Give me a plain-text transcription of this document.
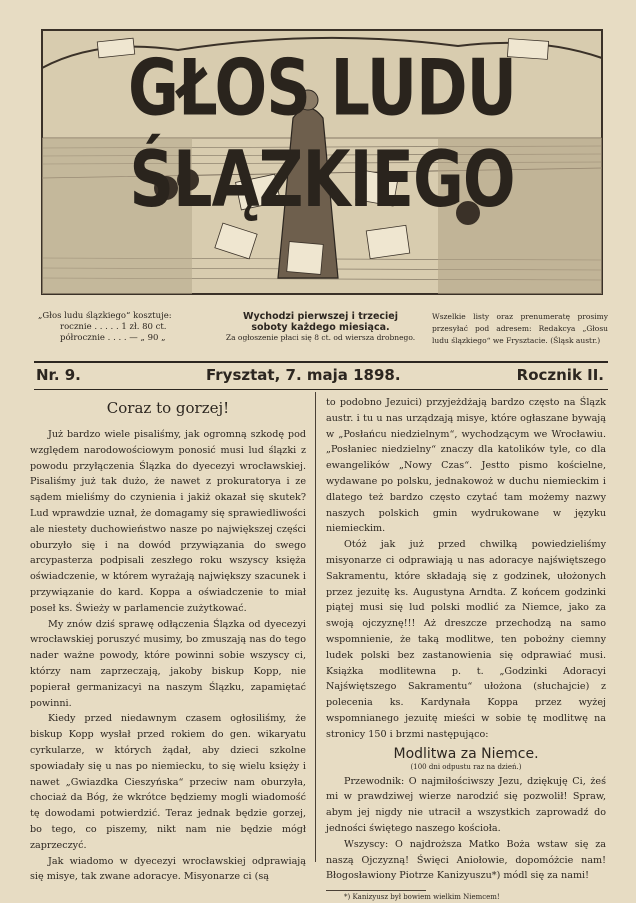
GŁOS LUDU ŚLĄZKIEGO
„Głos ludu ślązkiego“ kosztuje:
rocznie . . . . . 1 zł. 80 ct.
półrocznie . . . . — „ 90 „
Wychodzi pierwszej i trzeciej
soboty każdego miesiąca.
Za ogłoszenie płaci się 8 ct. od wiersza drobnego.
Wszelkie listy oraz prenumeratę prosimy przesyłać pod adresem: Redakcya „Głosu ludu ślązkiego“ we Frysztacie. (Śląsk austr.)
Nr. 9.	Frysztat, 7. maja 1898.	Rocznik II.
Coraz to gorzej!

Już bardzo wiele pisaliśmy, jak ogromną szkodę pod względem narodowościowym ponosić musi lud ślązki z powodu przyłączenia Ślązka do dyecezyi wrocławskiej. Pisaliśmy już tak dużo, że nawet z prokuratorya i ze sądem mieliśmy do czynienia i jakiż okazał się skutek? Lud wprawdzie uznał, że domagamy się sprawiedliwości ale niestety duchowieństwo nasze po największej części oburzyło się i na dowód przywiązania do swego arcypasterza podpisali zeszłego roku wszyscy księża oświadczenie, w którem wyrażają największy szacunek i przywiązanie do kard. Koppa a oświadczenie to miał poseł ks. Świeży w parlamencie zużytkować.

My znów dziś sprawę odłączenia Ślązka od dyecezyi wrocławskiej poruszyć musimy, bo zmuszają nas do tego nader ważne powody, które powinni sobie wszyscy ci, którzy nam zaprzeczają, jakoby biskup Kopp, nie popierał germanizacyi na naszym Ślązku, zapamiętać powinni.

Kiedy przed niedawnym czasem ogłosiliśmy, że biskup Kopp wysłał przed rokiem do gen. wikaryatu cyrkularze, w których żądał, aby dzieci szkolne spowiadały się u nas po niemiecku, to się wielu księży i nawet „Gwiazdka Cieszyńska“ przeciw nam oburzyła, chociaż da Bóg, że wkrótce będziemy mogli wiadomość tę dowodami potwierdzić. Teraz jednak będzie gorzej, bo tego, co piszemy, nikt nam nie będzie mógł zaprzeczyć.

Jak wiadomo w dyecezyi wrocławskiej odprawiają się misye, tak zwane adoracye. Misyonarze ci (są

to podobno Jezuici) przyjeżdżają bardzo często na Ślązk austr. i tu u nas urządzają misye, które ogłaszane bywają w „Posłańcu niedzielnym“, wychodzącym we Wrocławiu. „Posłaniec niedzielny“ znaczy dla katolików tyle, co dla ewangelików „Nowy Czas“. Jestto pismo kościelne, wydawane po polsku, jednakowoż w duchu niemieckim i dlatego też bardzo często czytać tam możemy nazwy naszych polskich gmin wydrukowane w języku niemieckim.

Otóż jak już przed chwilką powiedzieliśmy misyonarze ci odprawiają u nas adoracye najświętszego Sakramentu, które składają się z godzinek, ułożonych przez jezuitę ks. Augustyna Arndta. Z końcem godzinki piątej musi się lud polski modlić za Niemce, jako za swoją ojczyznę!!! Aż dreszcze przechodzą na samo wspomnienie, że taką modlitwe, ten pobożny ciemny ludek polski bez zastanowienia się odprawiać musi. Książka modlitewna p. t. „Godzinki Adoracyi Najświętszego Sakramentu“ ułożona (słuchajcie) z polecenia ks. Kardynała Koppa przez wyżej wspomnianego jezuitę mieści w sobie tę modlitwę na stronicy 150 i brzmi następująco:

Modlitwa za Niemce.
(100 dni odpustu raz na dzień.)

Przewodnik: O najmiłościwszy Jezu, dziękuję Ci, żeś mi w prawdziwej wierze narodzić się pozwolił! Spraw, abym jej nigdy nie utracił a wszystkich zaprowadź do jedności świętego naszego kościoła.

Wszyscy: O najdroższa Matko Boża wstaw się za naszą Ojczyzną! Święci Aniołowie, dopomóżcie nam! Błogosławiony Piotrze Kanizyuszu*) módl się za nami!

*) Kanizyusz był bowiem wielkim Niemcem!
